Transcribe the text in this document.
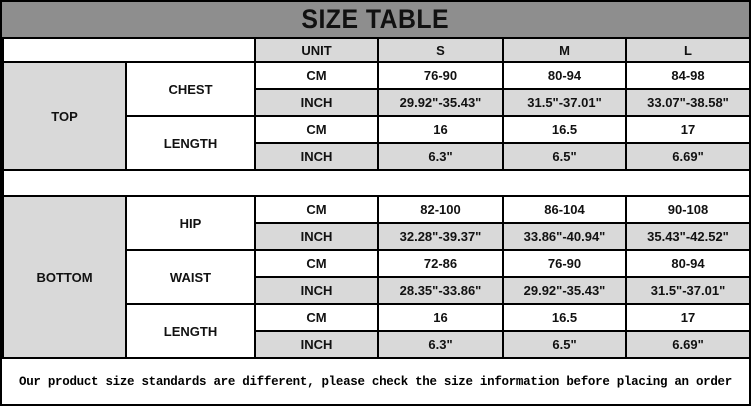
SIZE TABLE
		UNIT	S	M	L
TOP	CHEST	CM	76-90	80-94	84-98
		INCH	29.92"-35.43"	31.5"-37.01"	33.07"-38.58"
	LENGTH	CM	16	16.5	17
		INCH	6.3"	6.5"	6.69"

BOTTOM	HIP	CM	82-100	86-104	90-108
		INCH	32.28"-39.37"	33.86"-40.94"	35.43"-42.52"
	WAIST	CM	72-86	76-90	80-94
		INCH	28.35"-33.86"	29.92"-35.43"	31.5"-37.01"
	LENGTH	CM	16	16.5	17
		INCH	6.3"	6.5"	6.69"
Our product size standards are different, please check the size information before placing an order
